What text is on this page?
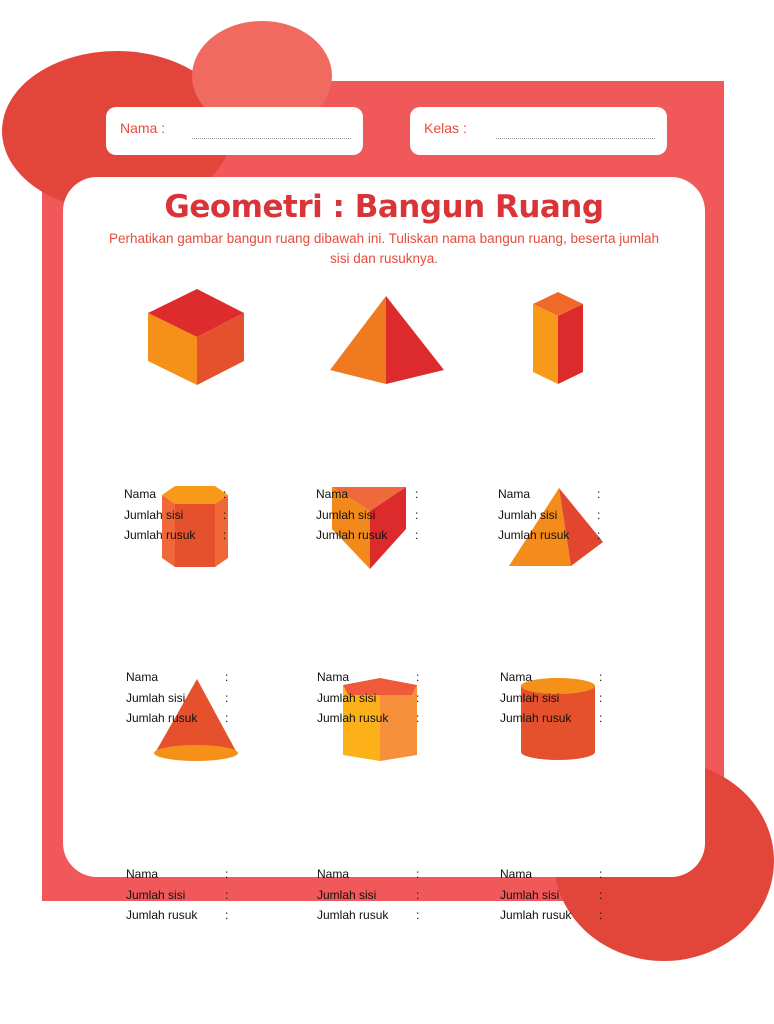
Nama :	Kelas :
Geometri : Bangun Ruang
Perhatikan gambar bangun ruang dibawah ini. Tuliskan nama bangun ruang, beserta jumlah sisi dan rusuknya.
Nama	:
Jumlah sisi	:
Jumlah rusuk :
Nama	:
Jumlah sisi	:
Jumlah rusuk :
Nama	:
Jumlah sisi	:
Jumlah rusuk :
Nama	:
Jumlah sisi	:
Jumlah rusuk :
Nama	:
Jumlah sisi	:
Jumlah rusuk :
Nama	:
Jumlah sisi	:
Jumlah rusuk :
Nama	:
Jumlah sisi	:
Jumlah rusuk :
Nama	:
Jumlah sisi	:
Jumlah rusuk :
Nama	:
Jumlah sisi	:
Jumlah rusuk :
